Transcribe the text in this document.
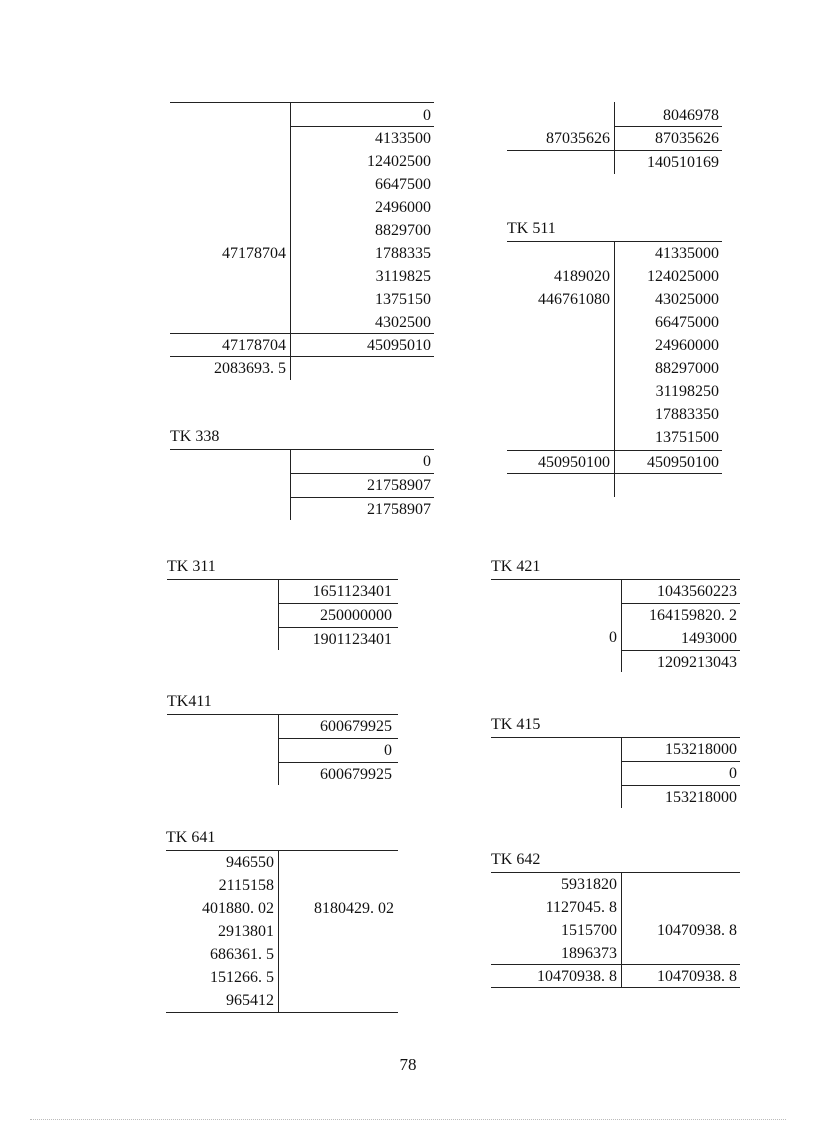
47178704
47178704
2083693. 5
0
4133500
12402500
6647500
2496000
8829700
1788335
3119825
1375150
4302500
45095010
87035626
8046978
87035626
140510169
TK 511
4189020
446761080
450950100
41335000
124025000
43025000
66475000
24960000
88297000
31198250
17883350
13751500
450950100
TK 338
0
21758907
21758907
TK 311
1651123401
250000000
1901123401
TK 421
0
1043560223
164159820. 2
1493000
1209213043
TK411
600679925
0
600679925
TK 415
153218000
0
153218000
TK 641
946550
2115158
401880. 02
2913801
686361. 5
151266. 5
965412
8180429. 02
TK 642
5931820
1127045. 8
1515700
1896373
10470938. 8
10470938. 8
10470938. 8
78
